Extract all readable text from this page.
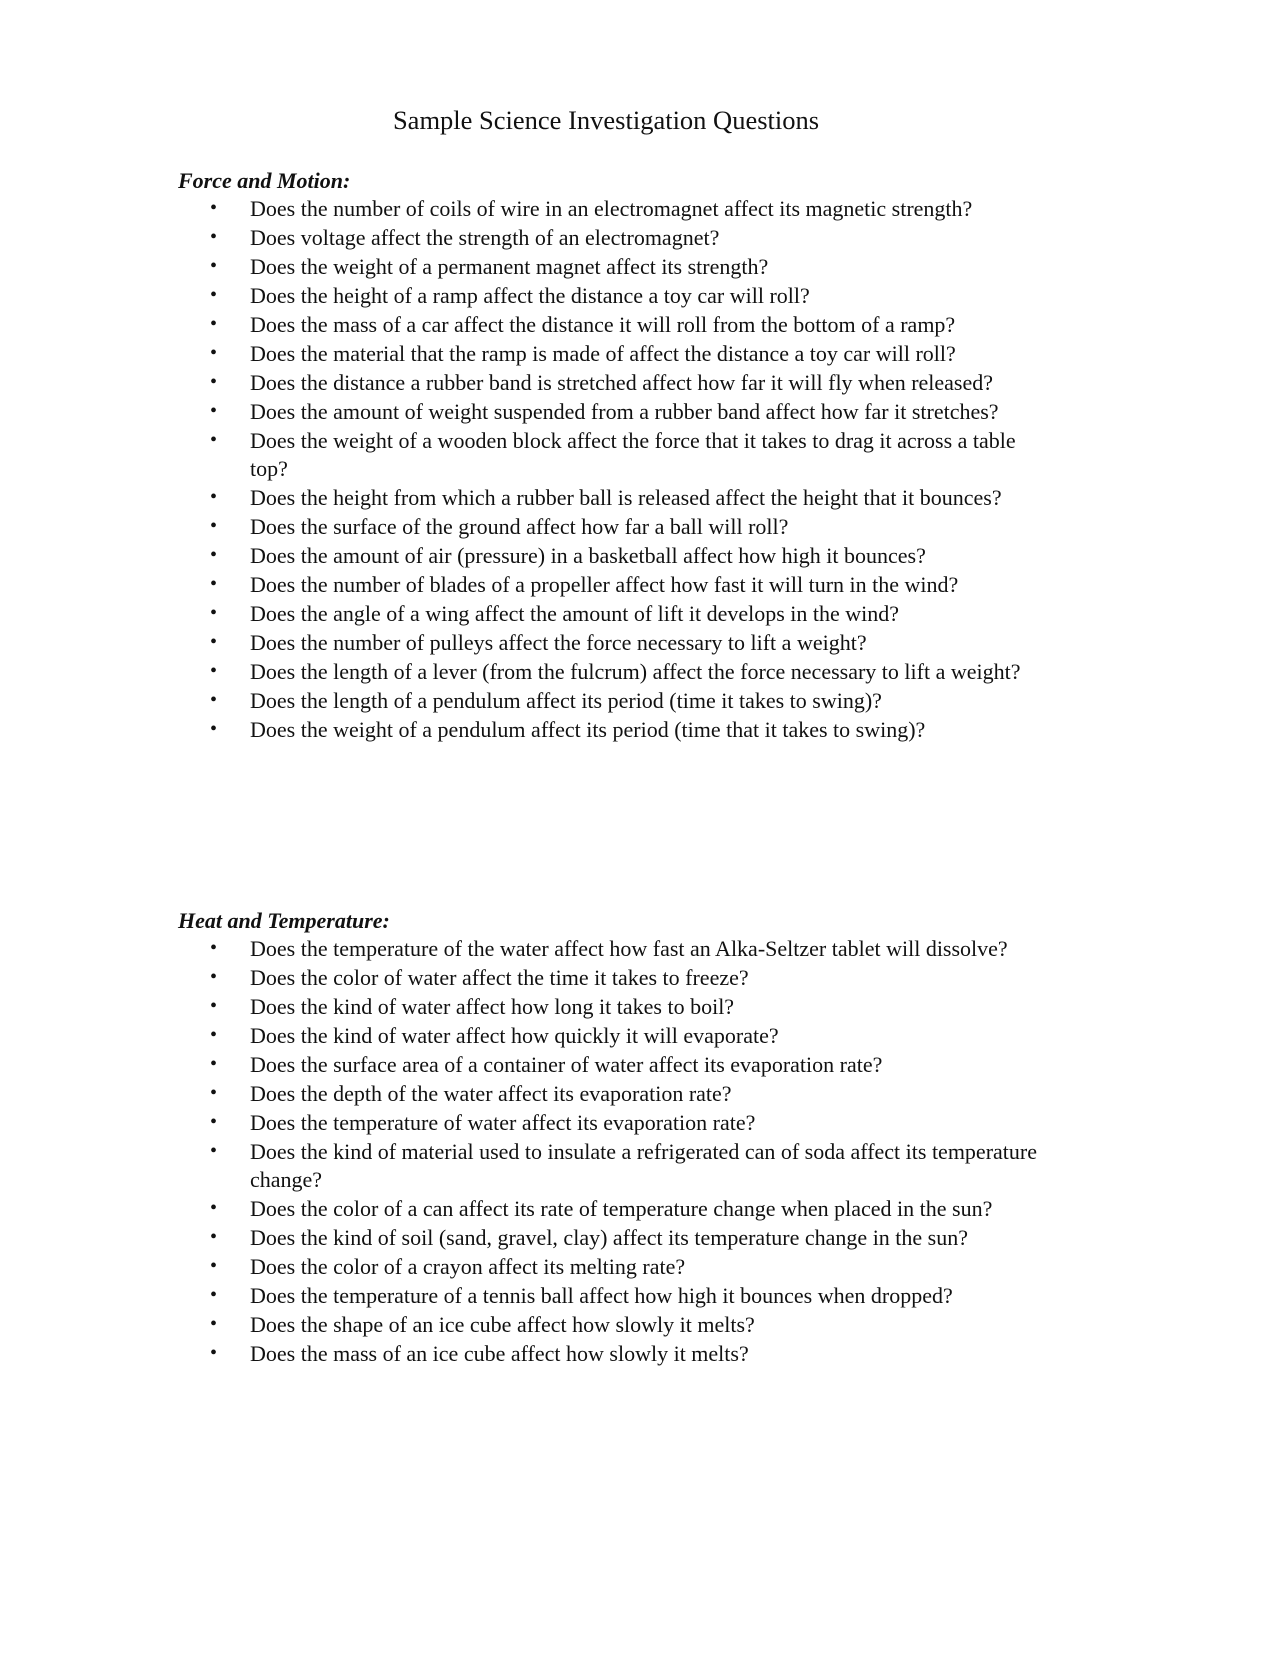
Sample Science Investigation Questions
Force and Motion:
• Does the number of coils of wire in an electromagnet affect its magnetic strength?
• Does voltage affect the strength of an electromagnet?
• Does the weight of a permanent magnet affect its strength?
• Does the height of a ramp affect the distance a toy car will roll?
• Does the mass of a car affect the distance it will roll from the bottom of a ramp?
• Does the material that the ramp is made of affect the distance a toy car will roll?
• Does the distance a rubber band is stretched affect how far it will fly when released?
• Does the amount of weight suspended from a rubber band affect how far it stretches?
• Does the weight of a wooden block affect the force that it takes to drag it across a table top?
• Does the height from which a rubber ball is released affect the height that it bounces?
• Does the surface of the ground affect how far a ball will roll?
• Does the amount of air (pressure) in a basketball affect how high it bounces?
• Does the number of blades of a propeller affect how fast it will turn in the wind?
• Does the angle of a wing affect the amount of lift it develops in the wind?
• Does the number of pulleys affect the force necessary to lift a weight?
• Does the length of a lever (from the fulcrum) affect the force necessary to lift a weight?
• Does the length of a pendulum affect its period (time it takes to swing)?
• Does the weight of a pendulum affect its period (time that it takes to swing)?
Heat and Temperature:
• Does the temperature of the water affect how fast an Alka-Seltzer tablet will dissolve?
• Does the color of water affect the time it takes to freeze?
• Does the kind of water affect how long it takes to boil?
• Does the kind of water affect how quickly it will evaporate?
• Does the surface area of a container of water affect its evaporation rate?
• Does the depth of the water affect its evaporation rate?
• Does the temperature of water affect its evaporation rate?
• Does the kind of material used to insulate a refrigerated can of soda affect its temperature change?
• Does the color of a can affect its rate of temperature change when placed in the sun?
• Does the kind of soil (sand, gravel, clay) affect its temperature change in the sun?
• Does the color of a crayon affect its melting rate?
• Does the temperature of a tennis ball affect how high it bounces when dropped?
• Does the shape of an ice cube affect how slowly it melts?
• Does the mass of an ice cube affect how slowly it melts?
